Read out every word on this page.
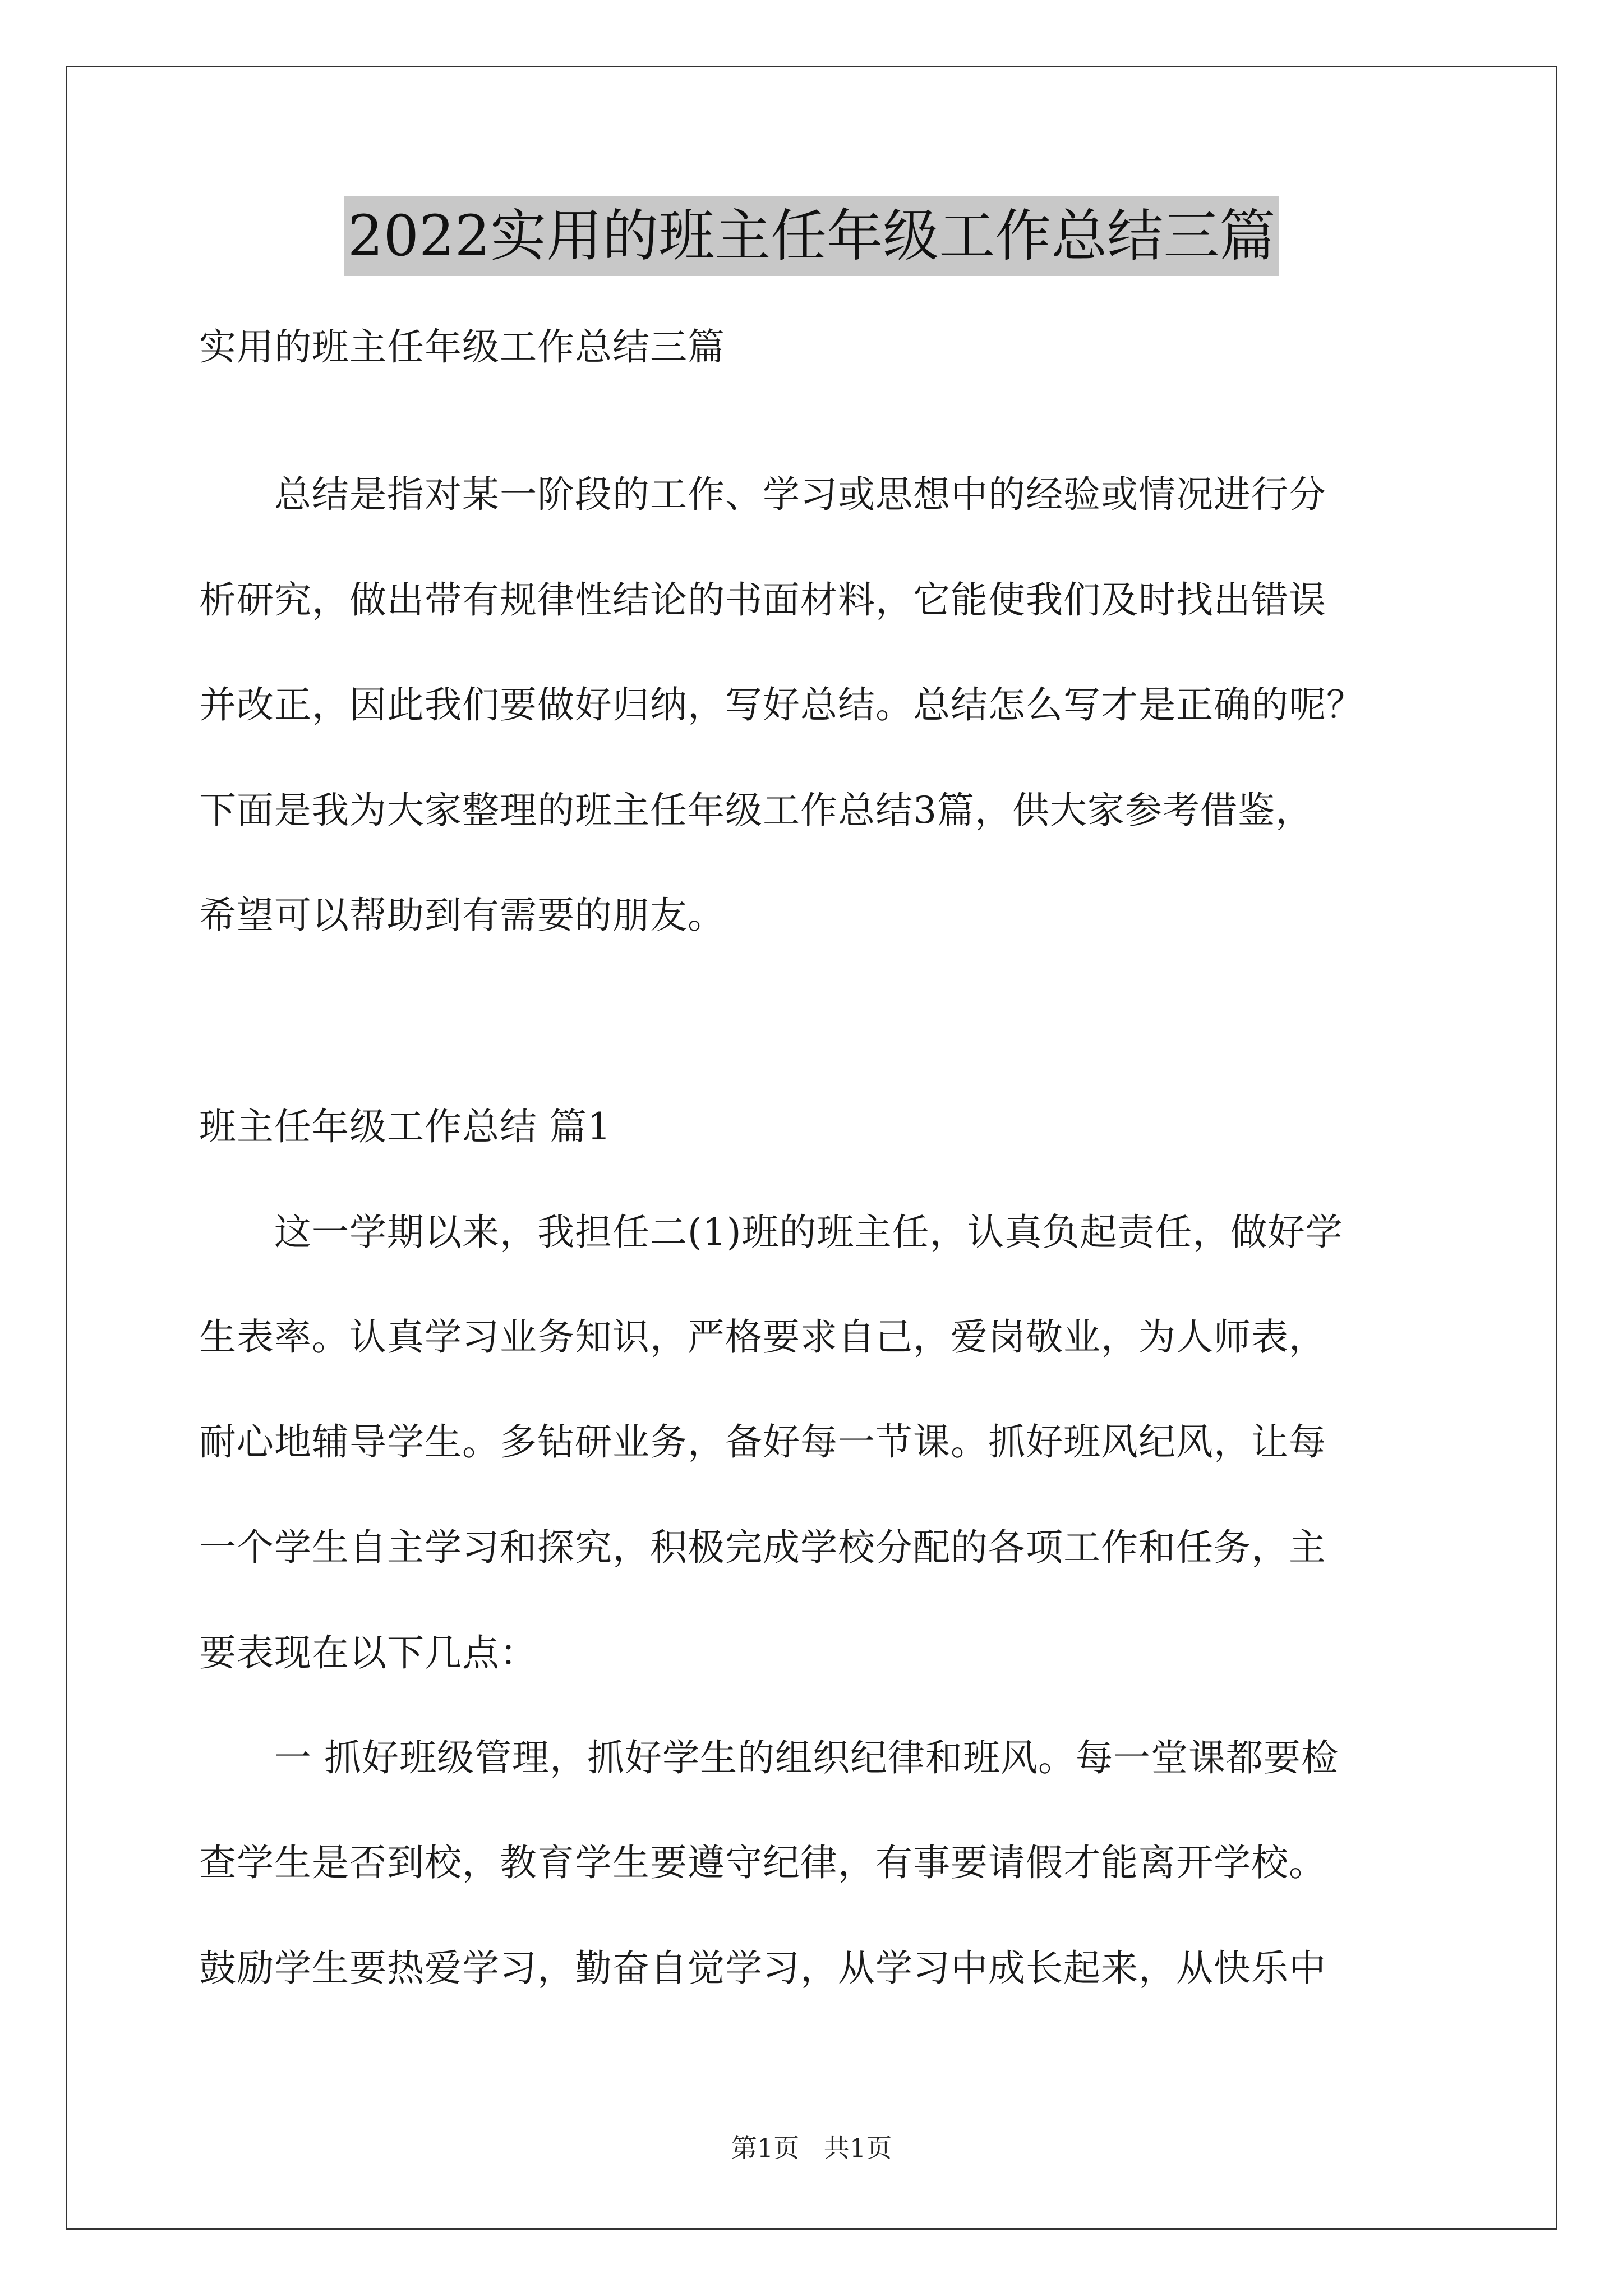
2022实用的班主任年级工作总结三篇
实用的班主任年级工作总结三篇
　　总结是指对某一阶段的工作、学习或思想中的经验或情况进行分
析研究，做出带有规律性结论的书面材料，它能使我们及时找出错误
并改正，因此我们要做好归纳，写好总结。总结怎么写才是正确的呢？
下面是我为大家整理的班主任年级工作总结3篇，供大家参考借鉴，
希望可以帮助到有需要的朋友。
班主任年级工作总结 篇1
　　这一学期以来，我担任二(1)班的班主任，认真负起责任，做好学
生表率。认真学习业务知识，严格要求自己，爱岗敬业，为人师表，
耐心地辅导学生。多钻研业务，备好每一节课。抓好班风纪风，让每
一个学生自主学习和探究，积极完成学校分配的各项工作和任务，主
要表现在以下几点：
　　一 抓好班级管理，抓好学生的组织纪律和班风。每一堂课都要检
查学生是否到校，教育学生要遵守纪律，有事要请假才能离开学校。
鼓励学生要热爱学习，勤奋自觉学习，从学习中成长起来，从快乐中
第1页   共1页
